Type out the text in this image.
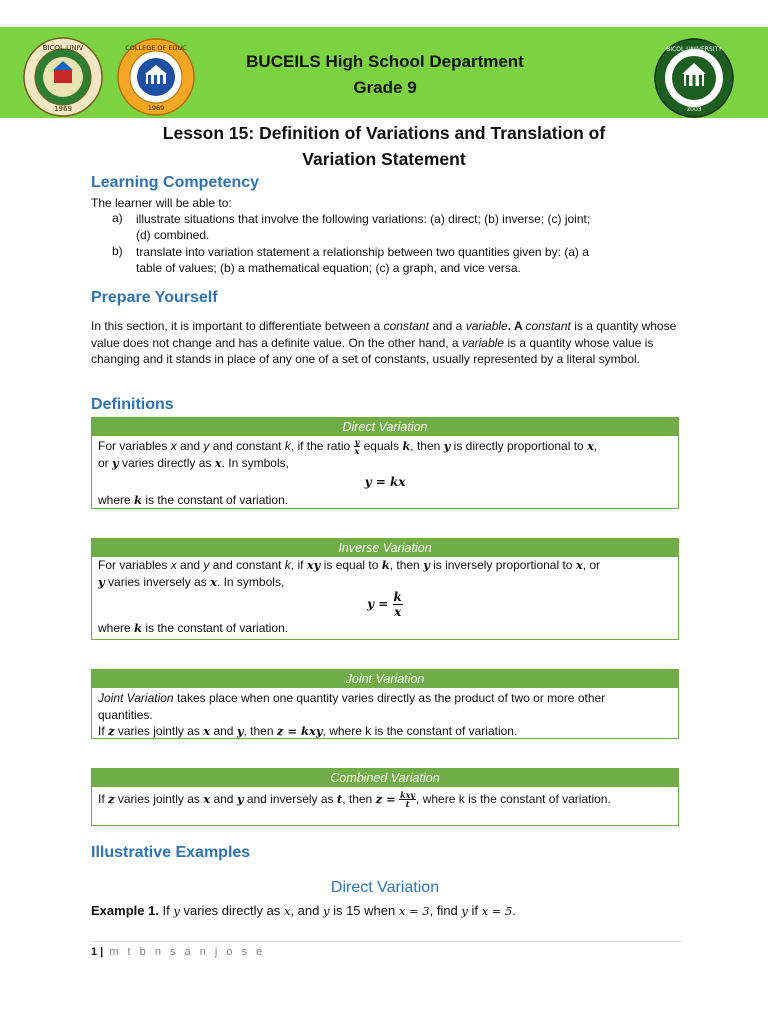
BICOL UNIV
1969
COLLEGE OF EDUC
1969
BUCEILS High School Department
Grade 9
BICOL UNIVERSITY
2003
Lesson 15: Definition of Variations and Translation of
Variation Statement
Learning Competency
The learner will be able to:
a) illustrate situations that involve the following variations: (a) direct; (b) inverse; (c) joint;
(d) combined.
b) translate into variation statement a relationship between two quantities given by: (a) a
table of values; (b) a mathematical equation; (c) a graph, and vice versa.
Prepare Yourself
In this section, it is important to differentiate between a constant and a variable. A constant is a quantity whose value does not change and has a definite value. On the other hand, a variable is a quantity whose value is changing and it stands in place of any one of a set of constants, usually represented by a literal symbol.
Definitions
Direct Variation
For variables x and y and constant k, if the ratio $\frac{y}{x}$ equals k, then y is directly proportional to x,
or y varies directly as x. In symbols,
y = kx
where k is the constant of variation.
Inverse Variation
For variables x and y and constant k, if xy is equal to k, then y is inversely proportional to x, or
y varies inversely as x. In symbols,
$y = \frac{k}{x}$
where k is the constant of variation.
Joint Variation
Joint Variation takes place when one quantity varies directly as the product of two or more other
quantities.
If z varies jointly as x and y, then z = kxy, where k is the constant of variation.
Combined Variation
If z varies jointly as x and y and inversely as t, then $z = \frac{\text{kxy}}{t}$ , where k is the constant of variation.
Illustrative Examples
Direct Variation
Example 1. If y varies directly as x, and y is 15 when x = 3, find y if x = 5.
1 | m t b n s a n j o s e
